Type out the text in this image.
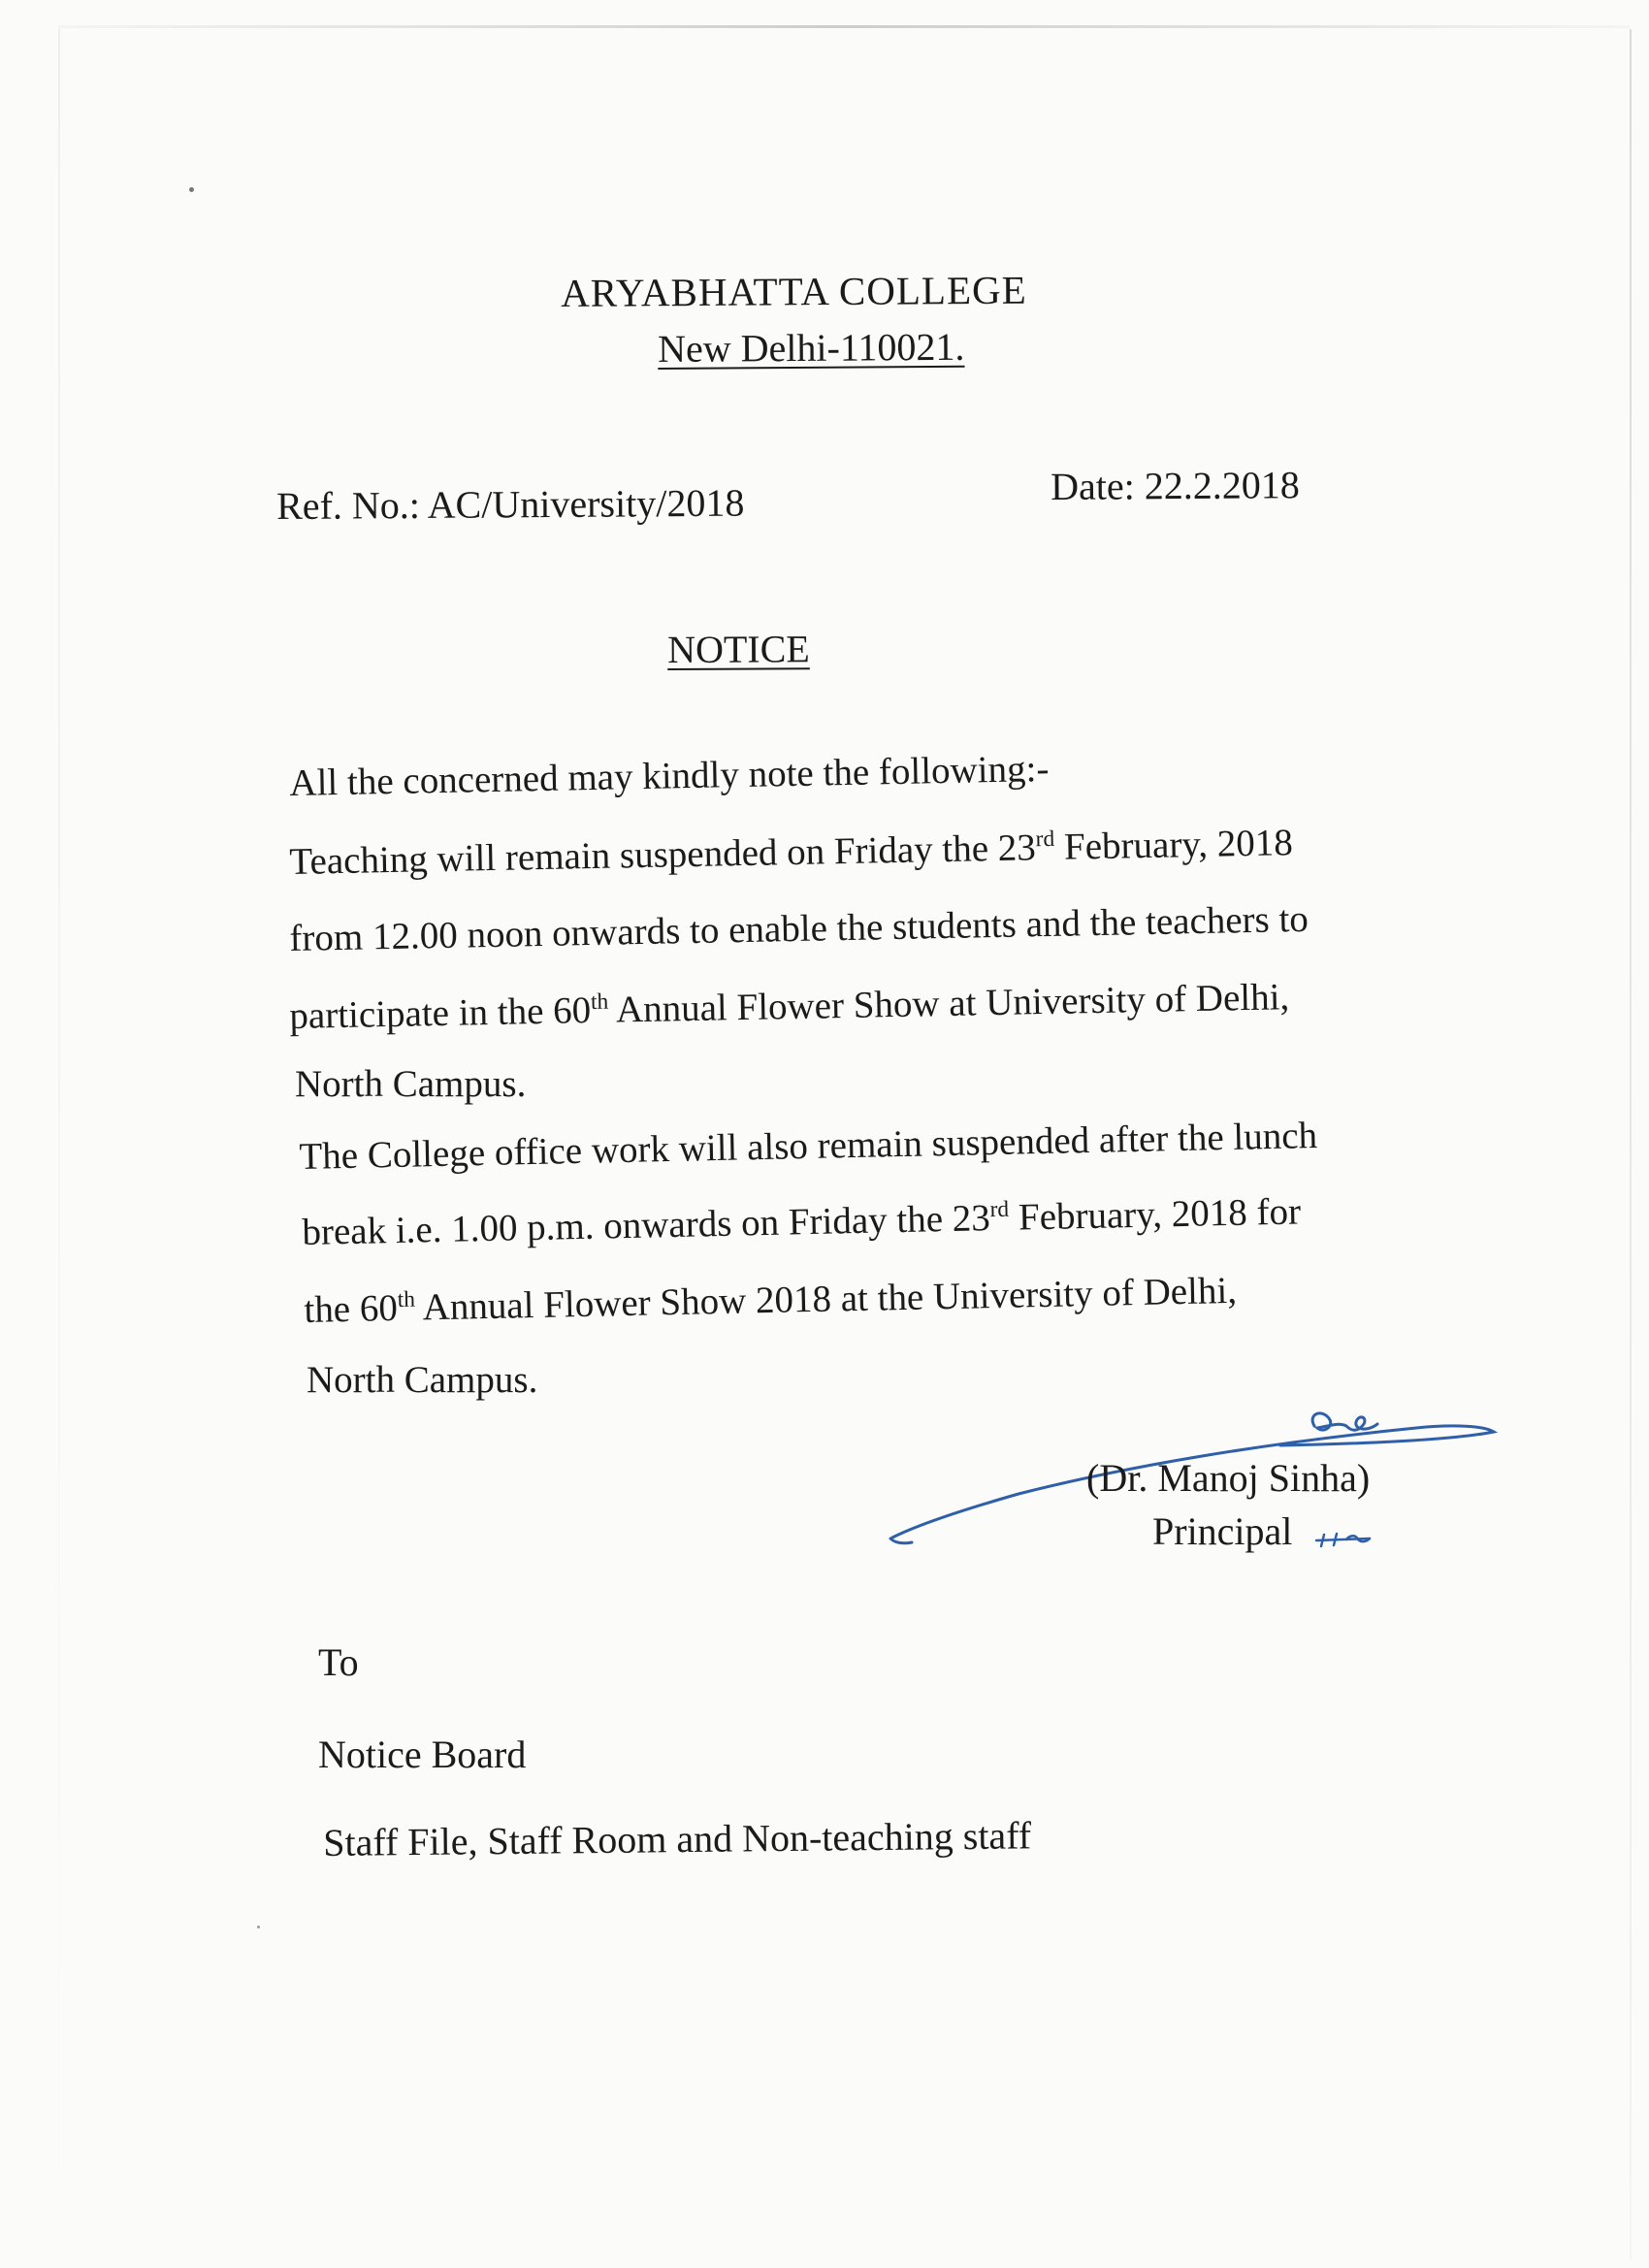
ARYABHATTA COLLEGE
New Delhi-110021.
Ref. No.: AC/University/2018	Date: 22.2.2018
NOTICE
All the concerned may kindly note the following:-
Teaching will remain suspended on Friday the 23rd February, 2018
from 12.00 noon onwards to enable the students and the teachers to
participate in the 60th Annual Flower Show at University of Delhi,
North Campus.
The College office work will also remain suspended after the lunch
break i.e. 1.00 p.m. onwards on Friday the 23rd February, 2018 for
the 60th Annual Flower Show 2018 at the University of Delhi,
North Campus.
(Dr. Manoj Sinha)
Principal
To
Notice Board
Staff File, Staff Room and Non-teaching staff
